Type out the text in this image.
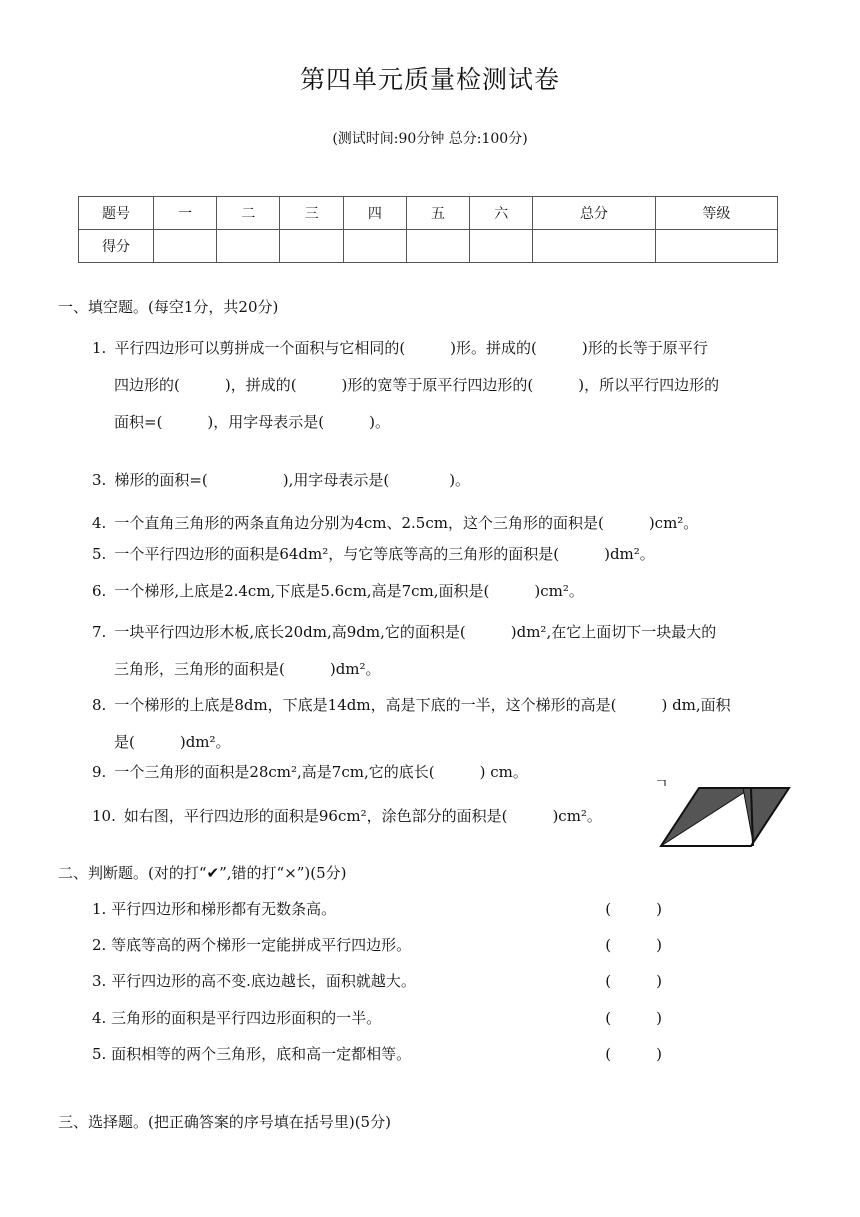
第四单元质量检测试卷
(测试时间:90分钟 总分:100分)
题号	一	二	三	四	五	六	总分	等级
得分								
一、填空题。(每空1分，共20分)
1. 平行四边形可以剪拼成一个面积与它相同的(　　　)形。拼成的(　　　)形的长等于原平行
四边形的(　　　)，拼成的(　　　)形的宽等于原平行四边形的(　　　)，所以平行四边形的
面积=(　　　)，用字母表示是(　　　)。
3. 梯形的面积=(　　　　　),用字母表示是(　　　　)。
4. 一个直角三角形的两条直角边分别为4cm、2.5cm，这个三角形的面积是(　　　)cm²。
5. 一个平行四边形的面积是64dm²，与它等底等高的三角形的面积是(　　　)dm²。
6. 一个梯形,上底是2.4cm,下底是5.6cm,高是7cm,面积是(　　　)cm²。
7. 一块平行四边形木板,底长20dm,高9dm,它的面积是(　　　)dm²,在它上面切下一块最大的
三角形，三角形的面积是(　　　)dm²。
8. 一个梯形的上底是8dm，下底是14dm，高是下底的一半，这个梯形的高是(　　　) dm,面积
是(　　　)dm²。
9. 一个三角形的面积是28cm²,高是7cm,它的底长(　　　) cm。
10. 如右图，平行四边形的面积是96cm²，涂色部分的面积是(　　　)cm²。
二、判断题。(对的打“✔”,错的打“×”)(5分)
1. 平行四边形和梯形都有无数条高。	(　　　)
2. 等底等高的两个梯形一定能拼成平行四边形。	(　　　)
3. 平行四边形的高不变.底边越长，面积就越大。	(　　　)
4. 三角形的面积是平行四边形面积的一半。	(　　　)
5. 面积相等的两个三角形，底和高一定都相等。	(　　　)
三、选择题。(把正确答案的序号填在括号里)(5分)
